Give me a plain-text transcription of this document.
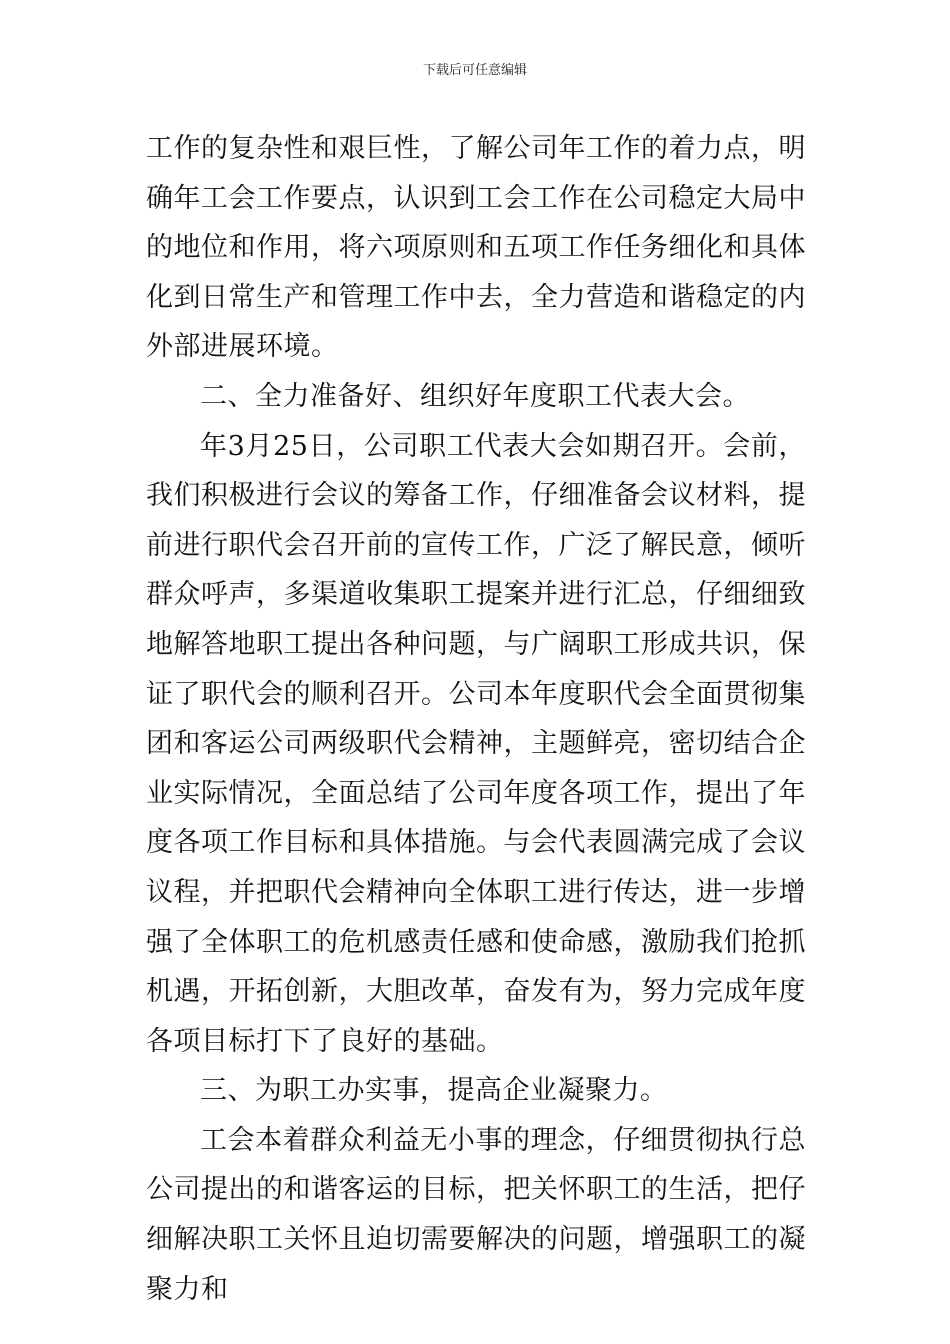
下载后可任意编辑

工作的复杂性和艰巨性，了解公司年工作的着力点，明确年工会工作要点，认识到工会工作在公司稳定大局中的地位和作用，将六项原则和五项工作任务细化和具体化到日常生产和管理工作中去，全力营造和谐稳定的内外部进展环境。

二、全力准备好、组织好年度职工代表大会。

年3月25日，公司职工代表大会如期召开。会前，我们积极进行会议的筹备工作，仔细准备会议材料，提前进行职代会召开前的宣传工作，广泛了解民意，倾听群众呼声，多渠道收集职工提案并进行汇总，仔细细致地解答地职工提出各种问题，与广阔职工形成共识，保证了职代会的顺利召开。公司本年度职代会全面贯彻集团和客运公司两级职代会精神，主题鲜亮，密切结合企业实际情况，全面总结了公司年度各项工作，提出了年度各项工作目标和具体措施。与会代表圆满完成了会议议程，并把职代会精神向全体职工进行传达，进一步增强了全体职工的危机感责任感和使命感，激励我们抢抓机遇，开拓创新，大胆改革，奋发有为，努力完成年度各项目标打下了良好的基础。

三、为职工办实事，提高企业凝聚力。

工会本着群众利益无小事的理念，仔细贯彻执行总公司提出的和谐客运的目标，把关怀职工的生活，把仔细解决职工关怀且迫切需要解决的问题，增强职工的凝聚力和
